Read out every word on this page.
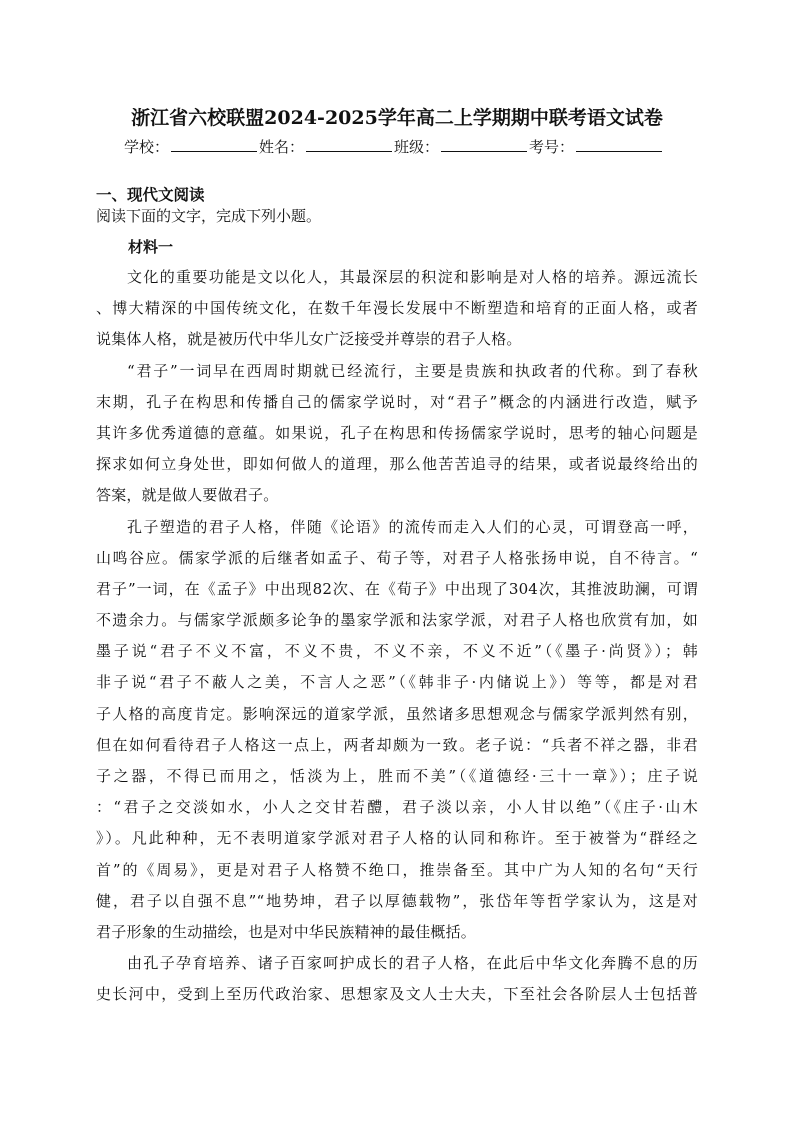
浙江省六校联盟2024-2025学年高二上学期期中联考语文试卷
学校：	姓名：	班级：	考号：
一、现代文阅读
阅读下面的文字，完成下列小题。
材料一
文化的重要功能是文以化人，其最深层的积淀和影响是对人格的培养。源远流长
、博大精深的中国传统文化，在数千年漫长发展中不断塑造和培育的正面人格，或者
说集体人格，就是被历代中华儿女广泛接受并尊崇的君子人格。
“君子”一词早在西周时期就已经流行，主要是贵族和执政者的代称。到了春秋
末期，孔子在构思和传播自己的儒家学说时，对“君子”概念的内涵进行改造，赋予
其许多优秀道德的意蕴。如果说，孔子在构思和传扬儒家学说时，思考的轴心问题是
探求如何立身处世，即如何做人的道理，那么他苦苦追寻的结果，或者说最终给出的
答案，就是做人要做君子。
孔子塑造的君子人格，伴随《论语》的流传而走入人们的心灵，可谓登高一呼，
山鸣谷应。儒家学派的后继者如孟子、荀子等，对君子人格张扬申说，自不待言。“
君子”一词，在《孟子》中出现82次、在《荀子》中出现了304次，其推波助澜，可谓
不遗余力。与儒家学派颇多论争的墨家学派和法家学派，对君子人格也欣赏有加，如
墨子说“君子不义不富，不义不贵，不义不亲，不义不近”（《墨子·尚贤》）；韩
非子说“君子不蔽人之美，不言人之恶”（《韩非子·内储说上》）等等，都是对君
子人格的高度肯定。影响深远的道家学派，虽然诸多思想观念与儒家学派判然有别，
但在如何看待君子人格这一点上，两者却颇为一致。老子说：“兵者不祥之器，非君
子之器，不得已而用之，恬淡为上，胜而不美”（《道德经·三十一章》）；庄子说
：“君子之交淡如水，小人之交甘若醴，君子淡以亲，小人甘以绝”（《庄子·山木
》）。凡此种种，无不表明道家学派对君子人格的认同和称许。至于被誉为“群经之
首”的《周易》，更是对君子人格赞不绝口，推崇备至。其中广为人知的名句“天行
健，君子以自强不息”“地势坤，君子以厚德载物”，张岱年等哲学家认为，这是对
君子形象的生动描绘，也是对中华民族精神的最佳概括。
由孔子孕育培养、诸子百家呵护成长的君子人格，在此后中华文化奔腾不息的历
史长河中，受到上至历代政治家、思想家及文人士大夫，下至社会各阶层人士包括普
